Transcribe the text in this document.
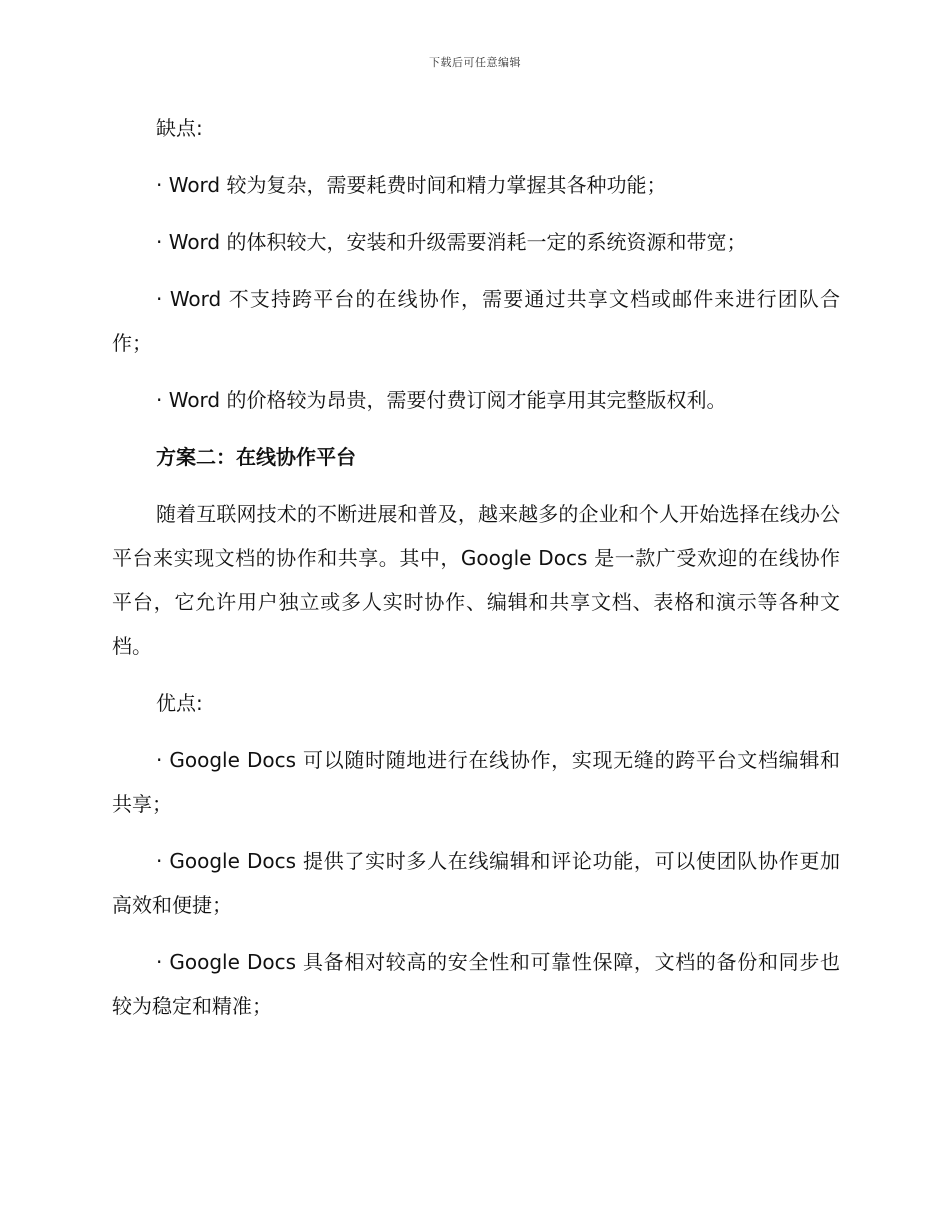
下载后可任意编辑

缺点:

· Word 较为复杂，需要耗费时间和精力掌握其各种功能；

· Word 的体积较大，安装和升级需要消耗一定的系统资源和带宽；

· Word 不支持跨平台的在线协作，需要通过共享文档或邮件来进行团队合作；

· Word 的价格较为昂贵，需要付费订阅才能享用其完整版权利。

方案二：在线协作平台

随着互联网技术的不断进展和普及，越来越多的企业和个人开始选择在线办公平台来实现文档的协作和共享。其中，Google Docs 是一款广受欢迎的在线协作平台，它允许用户独立或多人实时协作、编辑和共享文档、表格和演示等各种文档。

优点:

· Google Docs 可以随时随地进行在线协作，实现无缝的跨平台文档编辑和共享；

· Google Docs 提供了实时多人在线编辑和评论功能，可以使团队协作更加高效和便捷；

· Google Docs 具备相对较高的安全性和可靠性保障，文档的备份和同步也较为稳定和精准；
